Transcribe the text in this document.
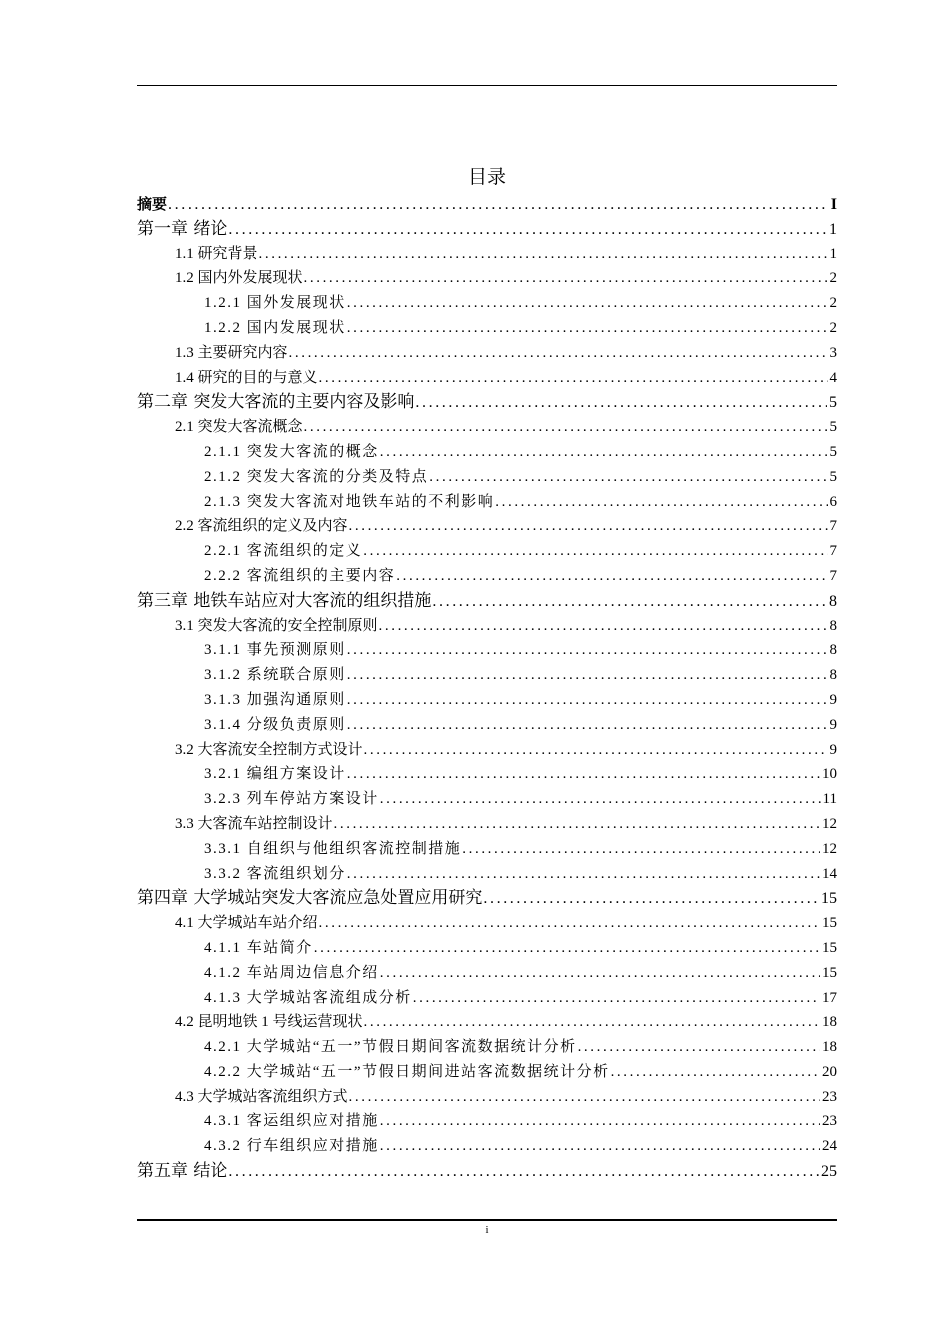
目录
摘要 .....	I
第一章 绪论 .....	1
1.1 研究背景 .....	1
1.2 国内外发展现状 .....	2
1.2.1 国外发展现状 .....	2
1.2.2 国内发展现状 .....	2
1.3 主要研究内容 .....	3
1.4 研究的目的与意义 .....	4
第二章 突发大客流的主要内容及影响 .....	5
2.1 突发大客流概念 .....	5
2.1.1 突发大客流的概念 .....	5
2.1.2 突发大客流的分类及特点 .....	5
2.1.3 突发大客流对地铁车站的不利影响 .....	6
2.2 客流组织的定义及内容 .....	7
2.2.1 客流组织的定义 .....	7
2.2.2 客流组织的主要内容 .....	7
第三章 地铁车站应对大客流的组织措施 .....	8
3.1 突发大客流的安全控制原则 .....	8
3.1.1 事先预测原则 .....	8
3.1.2 系统联合原则 .....	8
3.1.3 加强沟通原则 .....	9
3.1.4 分级负责原则 .....	9
3.2 大客流安全控制方式设计 .....	9
3.2.1 编组方案设计 .....	10
3.2.3 列车停站方案设计 .....	11
3.3 大客流车站控制设计 .....	12
3.3.1 自组织与他组织客流控制措施 .....	12
3.3.2 客流组织划分 .....	14
第四章 大学城站突发大客流应急处置应用研究 .....	15
4.1 大学城站车站介绍 .....	15
4.1.1 车站简介 .....	15
4.1.2 车站周边信息介绍 .....	15
4.1.3 大学城站客流组成分析 .....	17
4.2 昆明地铁 1 号线运营现状 .....	18
4.2.1 大学城站“五一”节假日期间客流数据统计分析 .....	18
4.2.2 大学城站“五一”节假日期间进站客流数据统计分析 .....	20
4.3 大学城站客流组织方式 .....	23
4.3.1 客运组织应对措施 .....	23
4.3.2 行车组织应对措施 .....	24
第五章 结论 .....	25
i
